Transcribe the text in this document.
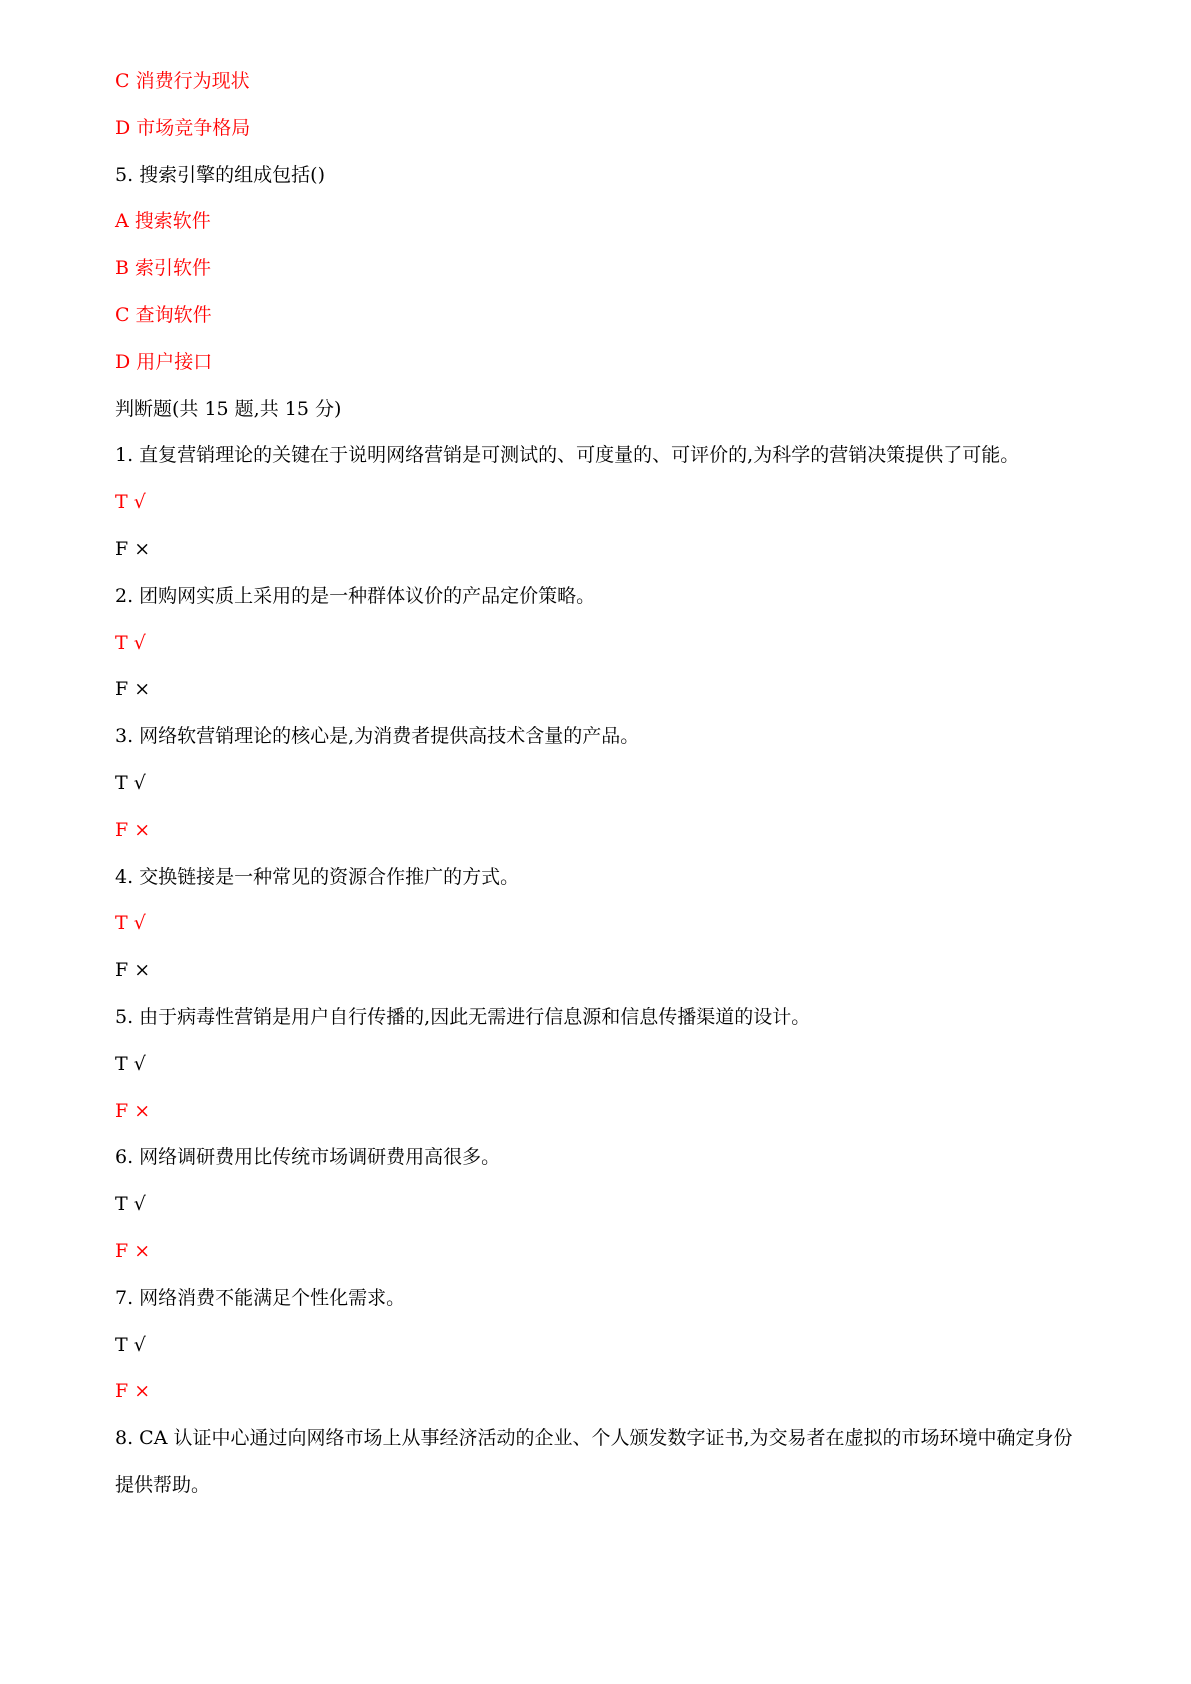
C 消费行为现状
D 市场竞争格局
5. 搜索引擎的组成包括()
A 搜索软件
B 索引软件
C 查询软件
D 用户接口
判断题(共 15 题,共 15 分)
1. 直复营销理论的关键在于说明网络营销是可测试的、可度量的、可评价的,为科学的营销决策提供了可能。
T √
F ×
2. 团购网实质上采用的是一种群体议价的产品定价策略。
T √
F ×
3. 网络软营销理论的核心是,为消费者提供高技术含量的产品。
T √
F ×
4. 交换链接是一种常见的资源合作推广的方式。
T √
F ×
5. 由于病毒性营销是用户自行传播的,因此无需进行信息源和信息传播渠道的设计。
T √
F ×
6. 网络调研费用比传统市场调研费用高很多。
T √
F ×
7. 网络消费不能满足个性化需求。
T √
F ×
8. CA 认证中心通过向网络市场上从事经济活动的企业、个人颁发数字证书,为交易者在虚拟的市场环境中确定身份提供帮助。
